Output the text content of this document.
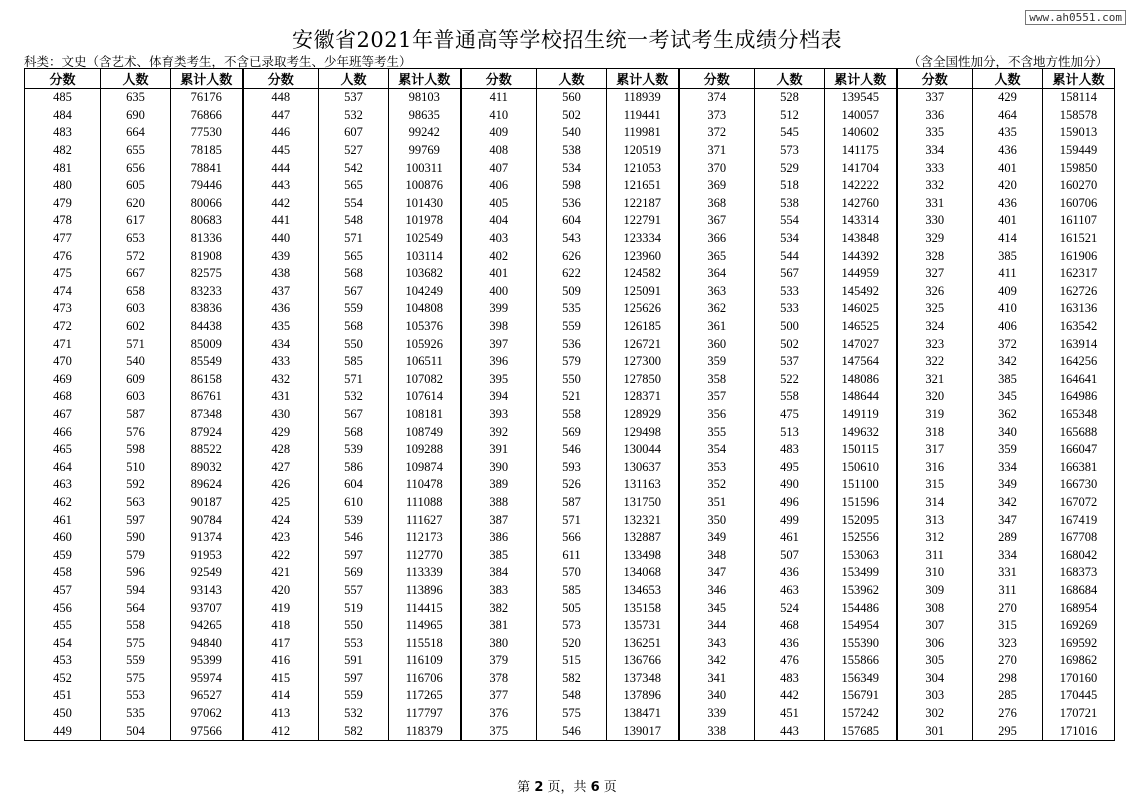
www.ah0551.com
安徽省2021年普通高等学校招生统一考试考生成绩分档表
科类：文史（含艺术、体育类考生，不含已录取考生、少年班等考生）	（含全国性加分，不含地方性加分）
分数	人数	累计人数	分数	人数	累计人数	分数	人数	累计人数	分数	人数	累计人数	分数	人数	累计人数
485	635	76176	448	537	98103	411	560	118939	374	528	139545	337	429	158114
484	690	76866	447	532	98635	410	502	119441	373	512	140057	336	464	158578
483	664	77530	446	607	99242	409	540	119981	372	545	140602	335	435	159013
482	655	78185	445	527	99769	408	538	120519	371	573	141175	334	436	159449
481	656	78841	444	542	100311	407	534	121053	370	529	141704	333	401	159850
480	605	79446	443	565	100876	406	598	121651	369	518	142222	332	420	160270
479	620	80066	442	554	101430	405	536	122187	368	538	142760	331	436	160706
478	617	80683	441	548	101978	404	604	122791	367	554	143314	330	401	161107
477	653	81336	440	571	102549	403	543	123334	366	534	143848	329	414	161521
476	572	81908	439	565	103114	402	626	123960	365	544	144392	328	385	161906
475	667	82575	438	568	103682	401	622	124582	364	567	144959	327	411	162317
474	658	83233	437	567	104249	400	509	125091	363	533	145492	326	409	162726
473	603	83836	436	559	104808	399	535	125626	362	533	146025	325	410	163136
472	602	84438	435	568	105376	398	559	126185	361	500	146525	324	406	163542
471	571	85009	434	550	105926	397	536	126721	360	502	147027	323	372	163914
470	540	85549	433	585	106511	396	579	127300	359	537	147564	322	342	164256
469	609	86158	432	571	107082	395	550	127850	358	522	148086	321	385	164641
468	603	86761	431	532	107614	394	521	128371	357	558	148644	320	345	164986
467	587	87348	430	567	108181	393	558	128929	356	475	149119	319	362	165348
466	576	87924	429	568	108749	392	569	129498	355	513	149632	318	340	165688
465	598	88522	428	539	109288	391	546	130044	354	483	150115	317	359	166047
464	510	89032	427	586	109874	390	593	130637	353	495	150610	316	334	166381
463	592	89624	426	604	110478	389	526	131163	352	490	151100	315	349	166730
462	563	90187	425	610	111088	388	587	131750	351	496	151596	314	342	167072
461	597	90784	424	539	111627	387	571	132321	350	499	152095	313	347	167419
460	590	91374	423	546	112173	386	566	132887	349	461	152556	312	289	167708
459	579	91953	422	597	112770	385	611	133498	348	507	153063	311	334	168042
458	596	92549	421	569	113339	384	570	134068	347	436	153499	310	331	168373
457	594	93143	420	557	113896	383	585	134653	346	463	153962	309	311	168684
456	564	93707	419	519	114415	382	505	135158	345	524	154486	308	270	168954
455	558	94265	418	550	114965	381	573	135731	344	468	154954	307	315	169269
454	575	94840	417	553	115518	380	520	136251	343	436	155390	306	323	169592
453	559	95399	416	591	116109	379	515	136766	342	476	155866	305	270	169862
452	575	95974	415	597	116706	378	582	137348	341	483	156349	304	298	170160
451	553	96527	414	559	117265	377	548	137896	340	442	156791	303	285	170445
450	535	97062	413	532	117797	376	575	138471	339	451	157242	302	276	170721
449	504	97566	412	582	118379	375	546	139017	338	443	157685	301	295	171016
第 2 页，共 6 页
